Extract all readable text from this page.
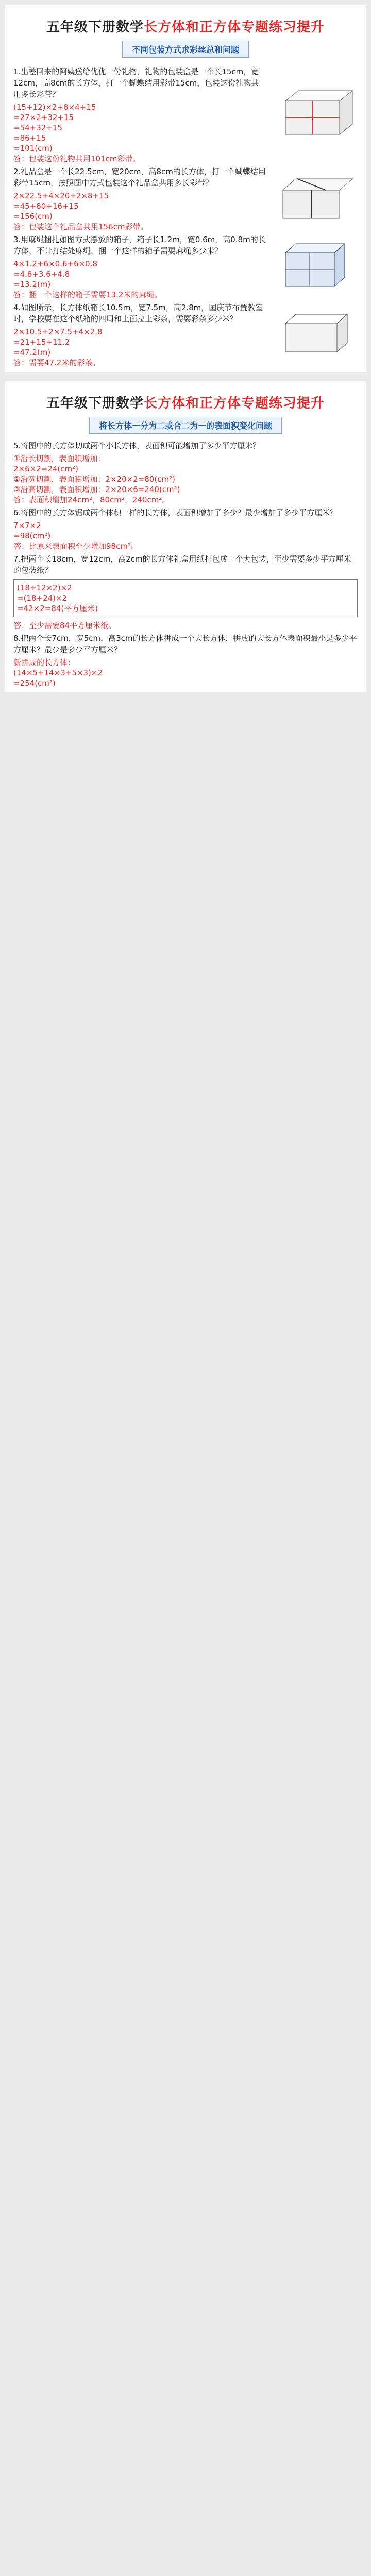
五年级下册数学长方体和正方体专题练习提升
不同包装方式求彩丝总和问题
1.出差回来的阿姨送给优优一份礼物，礼物的包装盒是一个长15cm，宽12cm，高8cm的长方体，打一个蝴蝶结用彩带15cm，包装这份礼物共用多长彩带？
(15+12)×2+8×4+15
=27×2+32+15
=54+32+15
=86+15
=101(cm)
答：包装这份礼物共用101cm彩带。
2.礼品盒是一个长22.5cm，宽20cm，高8cm的长方体，打一个蝴蝶结用彩带15cm，按照图中方式包装这个礼品盒共用多长彩带？
2×22.5+4×20+2×8+15
=45+80+16+15
=156(cm)
答：包装这个礼品盒共用156cm彩带。
3.用麻绳捆扎如图方式摆放的箱子，箱子长1.2m，宽0.6m，高0.8m的长方体，不计打结处麻绳，捆一个这样的箱子需要麻绳多少米？
4×1.2+6×0.6+6×0.8
=4.8+3.6+4.8
=13.2(m)
答：捆一个这样的箱子需要13.2米的麻绳。
4.如图所示，长方体纸箱长10.5m，宽7.5m，高2.8m，国庆节布置教室时，学校要在这个纸箱的四周和上面拉上彩条，需要彩条多少米？
2×10.5+2×7.5+4×2.8
=21+15+11.2
=47.2(m)
答：需要47.2米的彩条。
五年级下册数学长方体和正方体专题练习提升
将长方体一分为二或合二为一的表面积变化问题
5.将图中的长方体切成两个小长方体，表面积可能增加了多少平方厘米？
①沿长切割，表面积增加：
2×6×2=24(cm²)
②沿宽切割，表面积增加：2×20×2=80(cm²)
③沿高切割，表面积增加：2×20×6=240(cm²)
答：表面积增加24cm²，80cm²，240cm²。
6.将图中的长方体锯成两个体积一样的长方体，表面积增加了多少？最少增加了多少平方厘米？
7×7×2
=98(cm²)
答：比原来表面积至少增加98cm²。
7.把两个长18cm，宽12cm，高2cm的长方体礼盒用纸打包成一个大包装，至少需要多少平方厘米的包装纸？
(18+12×2)×2
=(18+24)×2
=42×2=84(平方厘米)
答：至少需要84平方厘米纸。
8.把两个长7cm，宽5cm，高3cm的长方体拼成一个大长方体，拼成的大长方体表面积最小是多少平方厘米？最少是多少平方厘米？
新拼成的长方体：
(14×5+14×3+5×3)×2
=254(cm²)
